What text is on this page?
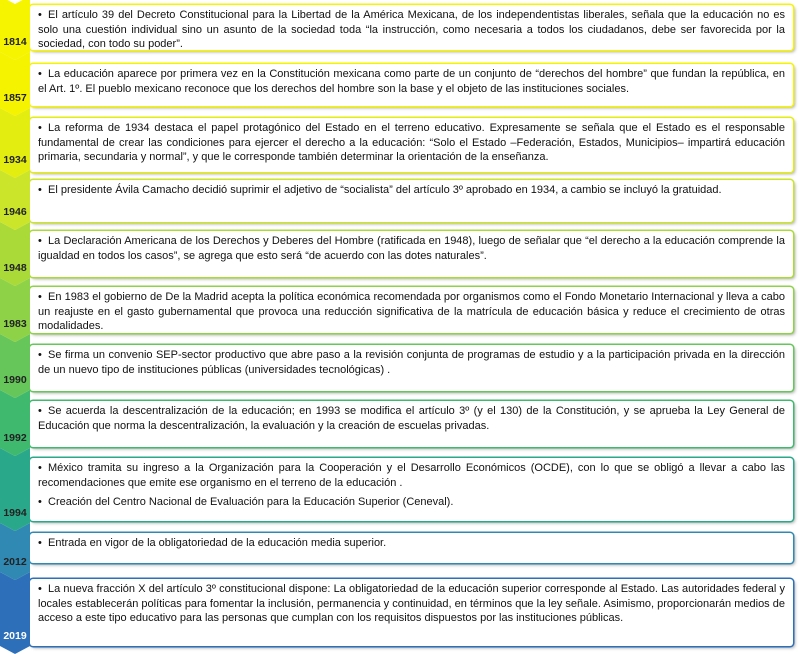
1814

• El artículo 39 del Decreto Constitucional para la Libertad de la América Mexicana, de los independentistas liberales, señala que la educación no es solo una cuestión individual sino un asunto de la sociedad toda “la instrucción, como necesaria a todos los ciudadanos, debe ser favorecida por la sociedad, con todo su poder”.

1857

• La educación aparece por primera vez en la Constitución mexicana como parte de un conjunto de “derechos del hombre” que fundan la república, en el Art. 1º. El pueblo mexicano reconoce que los derechos del hombre son la base y el objeto de las instituciones sociales.

1934

• La reforma de 1934 destaca el papel protagónico del Estado en el terreno educativo. Expresamente se señala que el Estado es el responsable fundamental de crear las condiciones para ejercer el derecho a la educación: “Solo el Estado –Federación, Estados, Municipios– impartirá educación primaria, secundaria y normal”, y que le corresponde también determinar la orientación de la enseñanza.

1946

• El presidente Ávila Camacho decidió suprimir el adjetivo de “socialista” del artículo 3º aprobado en 1934, a cambio se incluyó la gratuidad.

1948

• La Declaración Americana de los Derechos y Deberes del Hombre (ratificada en 1948), luego de señalar que “el derecho a la educación comprende la igualdad en todos los casos”, se agrega que esto será “de acuerdo con las dotes naturales”.

1983

• En 1983 el gobierno de De la Madrid acepta la política económica recomendada por organismos como el Fondo Monetario Internacional y lleva a cabo un reajuste en el gasto gubernamental que provoca una reducción significativa de la matrícula de educación básica y reduce el crecimiento de otras modalidades.

1990

• Se firma un convenio SEP-sector productivo que abre paso a la revisión conjunta de programas de estudio y a la participación privada en la dirección de un nuevo tipo de instituciones públicas (universidades tecnológicas) .

1992

• Se acuerda la descentralización de la educación; en 1993 se modifica el artículo 3º (y el 130) de la Constitución, y se aprueba la Ley General de Educación que norma la descentralización, la evaluación y la creación de escuelas privadas.

1994

• México tramita su ingreso a la Organización para la Cooperación y el Desarrollo Económicos (OCDE), con lo que se obligó a llevar a cabo las recomendaciones que emite ese organismo en el terreno de la educación .

• Creación del Centro Nacional de Evaluación para la Educación Superior (Ceneval).

2012

• Entrada en vigor de la obligatoriedad de la educación media superior.

2019

• La nueva fracción X del artículo 3º constitucional dispone: La obligatoriedad de la educación superior corresponde al Estado. Las autoridades federal y locales establecerán políticas para fomentar la inclusión, permanencia y continuidad, en términos que la ley señale. Asimismo, proporcionarán medios de acceso a este tipo educativo para las personas que cumplan con los requisitos dispuestos por las instituciones públicas.
